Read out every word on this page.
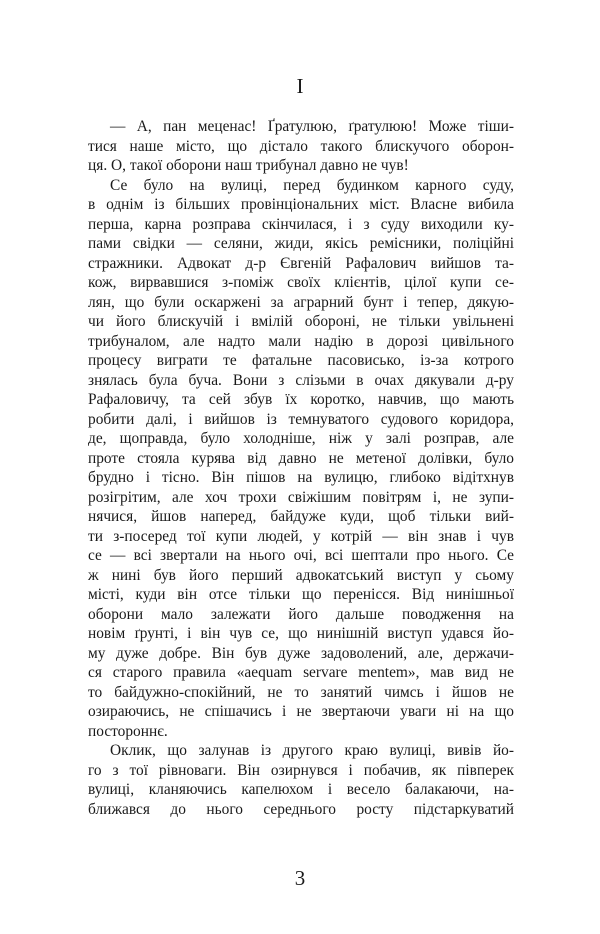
I
— А, пан меценас! Ґратулюю, ґратулюю! Може тіши-
тися наше місто, що дістало такого блискучого оборон-
ця. О, такої оборони наш трибунал давно не чув!
Се було на вулиці, перед будинком карного суду,
в однім із більших провінціональних міст. Власне вибила
перша, карна розправа скінчилася, і з суду виходили ку-
пами свідки — селяни, жиди, якісь ремісники, поліційні
стражники. Адвокат д-р Євгеній Рафалович вийшов та-
кож, вирвавшися з-поміж своїх клієнтів, цілої купи се-
лян, що були оскаржені за аграрний бунт і тепер, дякую-
чи його блискучій і вмілій обороні, не тільки увільнені
трибуналом, але надто мали надію в дорозі цивільного
процесу виграти те фатальне пасовисько, із-за котрого
знялась була буча. Вони з слізьми в очах дякували д-ру
Рафаловичу, та сей збув їх коротко, навчив, що мають
робити далі, і вийшов із темнуватого судового коридора,
де, щоправда, було холодніше, ніж у залі розправ, але
проте стояла курява від давно не метеної долівки, було
брудно і тісно. Він пішов на вулицю, глибоко відітхнув
розігрітим, але хоч трохи свіжішим повітрям і, не зупи-
нячися, йшов наперед, байдуже куди, щоб тільки вий-
ти з-посеред тої купи людей, у котрій — він знав і чув
се — всі звертали на нього очі, всі шептали про нього. Се
ж нині був його перший адвокатський виступ у сьому
місті, куди він отсе тільки що перенісся. Від нинішньої
оборони мало залежати його дальше поводження на
новім ґрунті, і він чув се, що нинішній виступ удався йо-
му дуже добре. Він був дуже задоволений, але, держачи-
ся старого правила «aequam servare mentem», мав вид не
то байдужно-спокійний, не то занятий чимсь і йшов не
озираючись, не спішачись і не звертаючи уваги ні на що
постороннє.
Оклик, що залунав із другого краю вулиці, вивів йо-
го з тої рівноваги. Він озирнувся і побачив, як півперек
вулиці, кланяючись капелюхом і весело балакаючи, на-
ближався до нього середнього росту підстаркуватий
3
